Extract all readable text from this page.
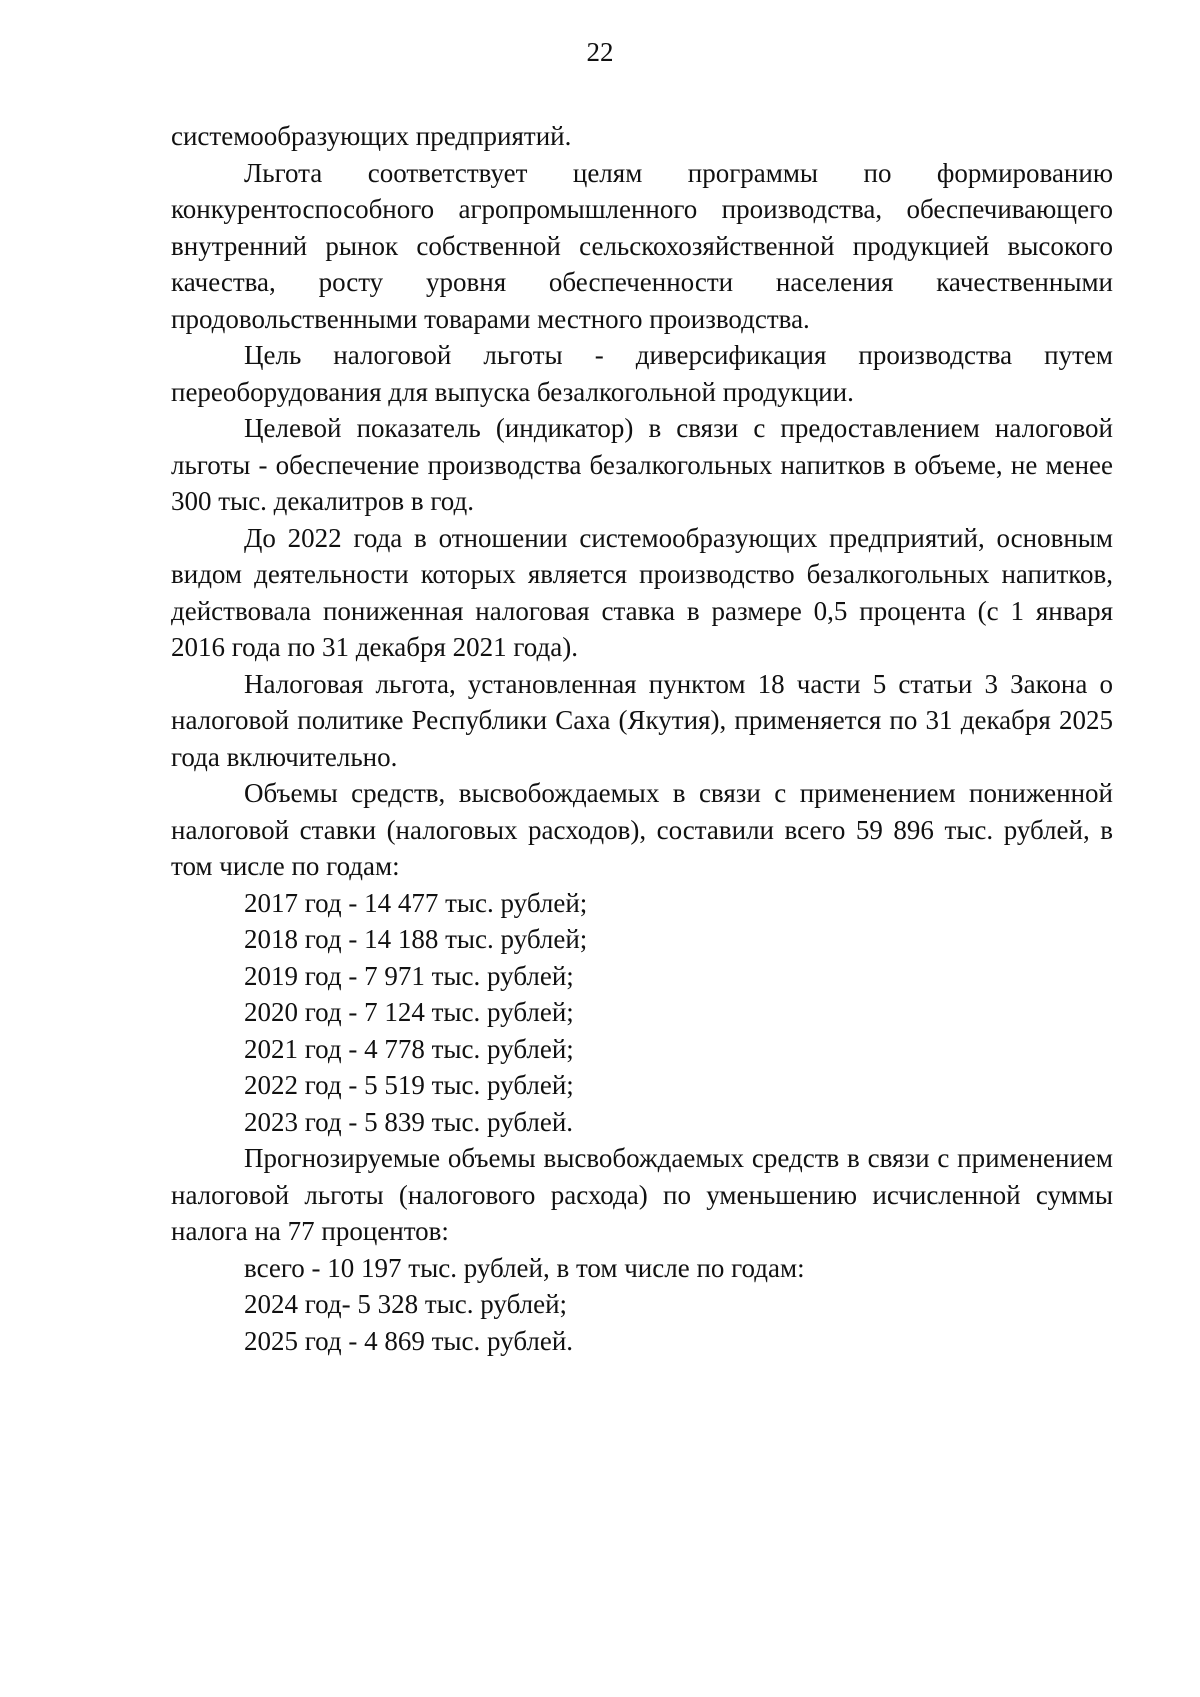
22

системообразующих предприятий.

Льгота соответствует целям программы по формированию конкурентоспособного агропромышленного производства, обеспечивающего внутренний рынок собственной сельскохозяйственной продукцией высокого качества, росту уровня обеспеченности населения качественными продовольственными товарами местного производства.

Цель налоговой льготы - диверсификация производства путем переоборудования для выпуска безалкогольной продукции.

Целевой показатель (индикатор) в связи с предоставлением налоговой льготы - обеспечение производства безалкогольных напитков в объеме, не менее 300 тыс. декалитров в год.

До 2022 года в отношении системообразующих предприятий, основным видом деятельности которых является производство безалкогольных напитков, действовала пониженная налоговая ставка в размере 0,5 процента (с 1 января 2016 года по 31 декабря 2021 года).

Налоговая льгота, установленная пунктом 18 части 5 статьи 3 Закона о налоговой политике Республики Саха (Якутия), применяется по 31 декабря 2025 года включительно.

Объемы средств, высвобождаемых в связи с применением пониженной налоговой ставки (налоговых расходов), составили всего 59 896 тыс. рублей, в том числе по годам:

2017 год - 14 477 тыс. рублей;

2018 год - 14 188 тыс. рублей;

2019 год - 7 971 тыс. рублей;

2020 год - 7 124 тыс. рублей;

2021 год - 4 778 тыс. рублей;

2022 год - 5 519 тыс. рублей;

2023 год - 5 839 тыс. рублей.

Прогнозируемые объемы высвобождаемых средств в связи с применением налоговой льготы (налогового расхода) по уменьшению исчисленной суммы налога на 77 процентов:

всего - 10 197 тыс. рублей, в том числе по годам:

2024 год- 5 328 тыс. рублей;

2025 год - 4 869 тыс. рублей.
